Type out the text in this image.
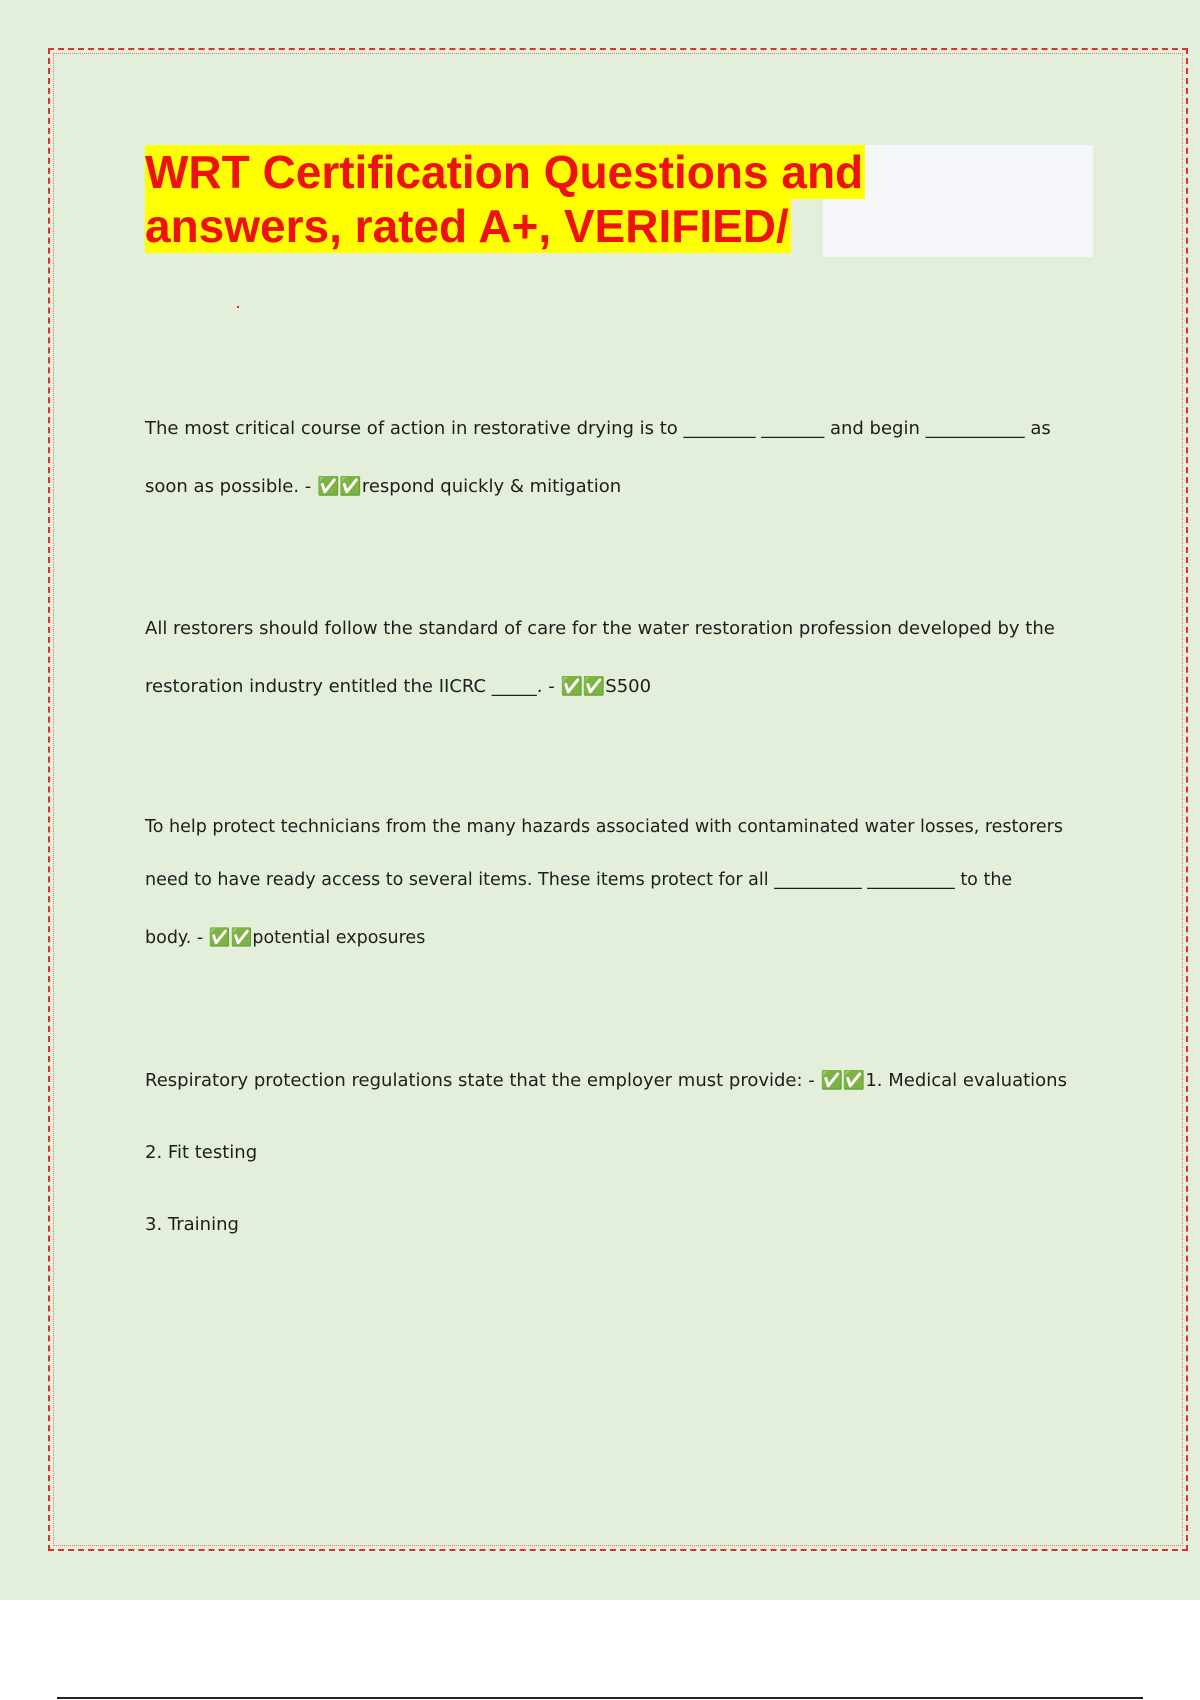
WRT Certification Questions and
answers, rated A+, VERIFIED/
The most critical course of action in restorative drying is to ________ _______ and begin ___________ as
soon as possible. - ✅✅respond quickly & mitigation
All restorers should follow the standard of care for the water restoration profession developed by the
restoration industry entitled the IICRC _____. - ✅✅S500
To help protect technicians from the many hazards associated with contaminated water losses, restorers
need to have ready access to several items. These items protect for all __________ __________ to the
body. - ✅✅potential exposures
Respiratory protection regulations state that the employer must provide: - ✅✅1. Medical evaluations
2. Fit testing
3. Training
